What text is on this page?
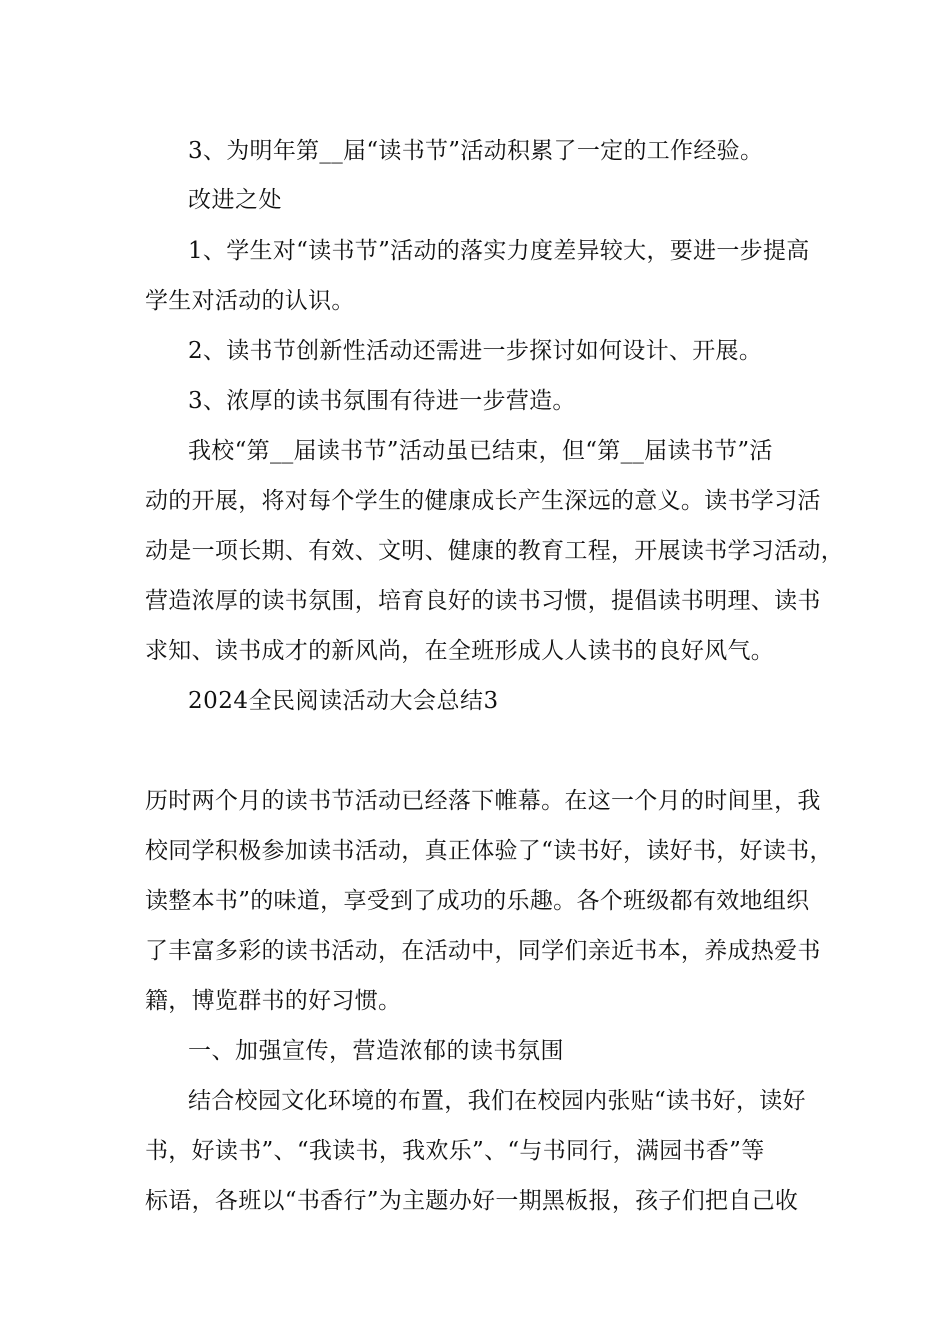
3、为明年第__届“读书节”活动积累了一定的工作经验。
改进之处
1、学生对“读书节”活动的落实力度差异较大，要进一步提高
学生对活动的认识。
2、读书节创新性活动还需进一步探讨如何设计、开展。
3、浓厚的读书氛围有待进一步营造。
我校“第__届读书节”活动虽已结束，但“第__届读书节”活
动的开展，将对每个学生的健康成长产生深远的意义。读书学习活
动是一项长期、有效、文明、健康的教育工程，开展读书学习活动，
营造浓厚的读书氛围，培育良好的读书习惯，提倡读书明理、读书
求知、读书成才的新风尚，在全班形成人人读书的良好风气。
2024全民阅读活动大会总结3
历时两个月的读书节活动已经落下帷幕。在这一个月的时间里，我
校同学积极参加读书活动，真正体验了“读书好，读好书，好读书，
读整本书”的味道，享受到了成功的乐趣。各个班级都有效地组织
了丰富多彩的读书活动，在活动中，同学们亲近书本，养成热爱书
籍，博览群书的好习惯。
一、加强宣传，营造浓郁的读书氛围
结合校园文化环境的布置，我们在校园内张贴“读书好，读好
书，好读书”、“我读书，我欢乐”、“与书同行，满园书香”等
标语，各班以“书香行”为主题办好一期黑板报，孩子们把自己收
